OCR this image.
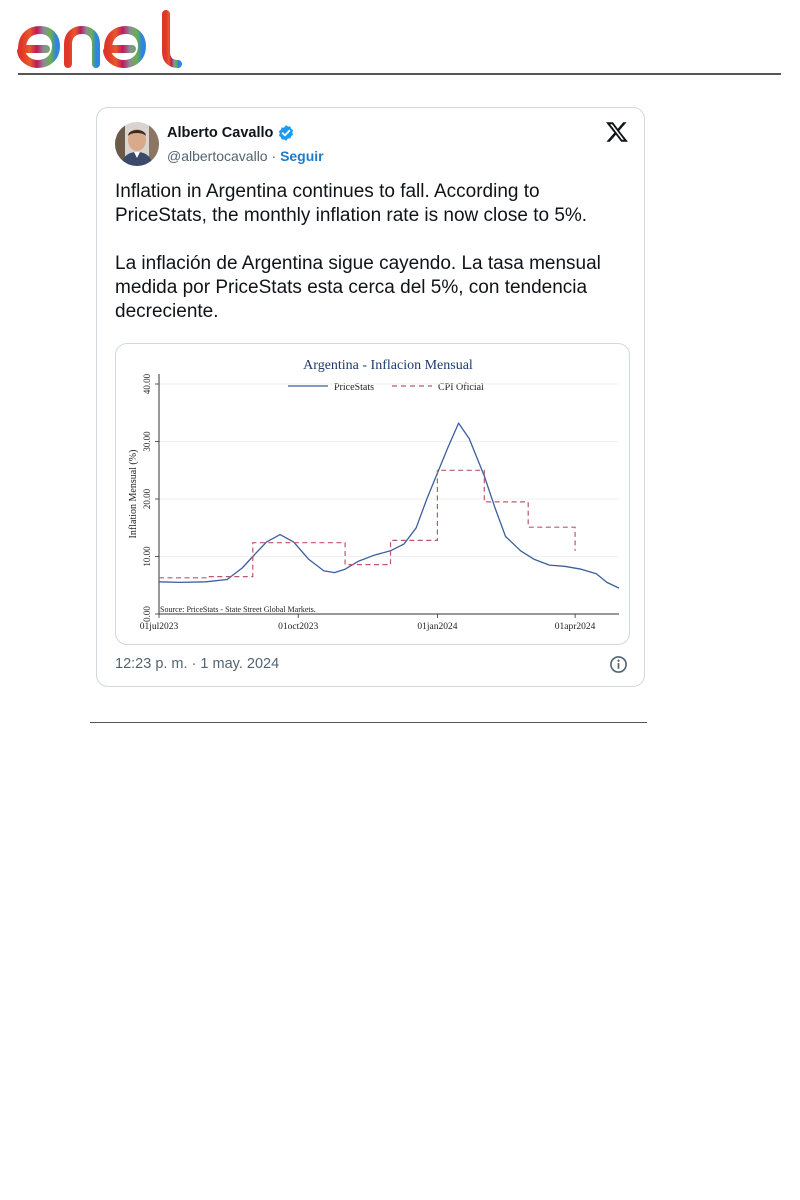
Alberto Cavallo
@albertocavallo · Seguir

Inflation in Argentina continues to fall. According to PriceStats, the monthly inflation rate is now close to 5%.

La inflación de Argentina sigue cayendo. La tasa mensual medida por PriceStats esta cerca del 5%, con tendencia decreciente.

Argentina - Inflacion Mensual
PriceStats	CPI Oficial
Inflation Mensual (%)
0.00
10.00
20.00
30.00
40.00
01jul2023	01oct2023	01jan2024	01apr2024
Source: PriceStats - State Street Global Markets.
12:23 p. m. · 1 may. 2024
